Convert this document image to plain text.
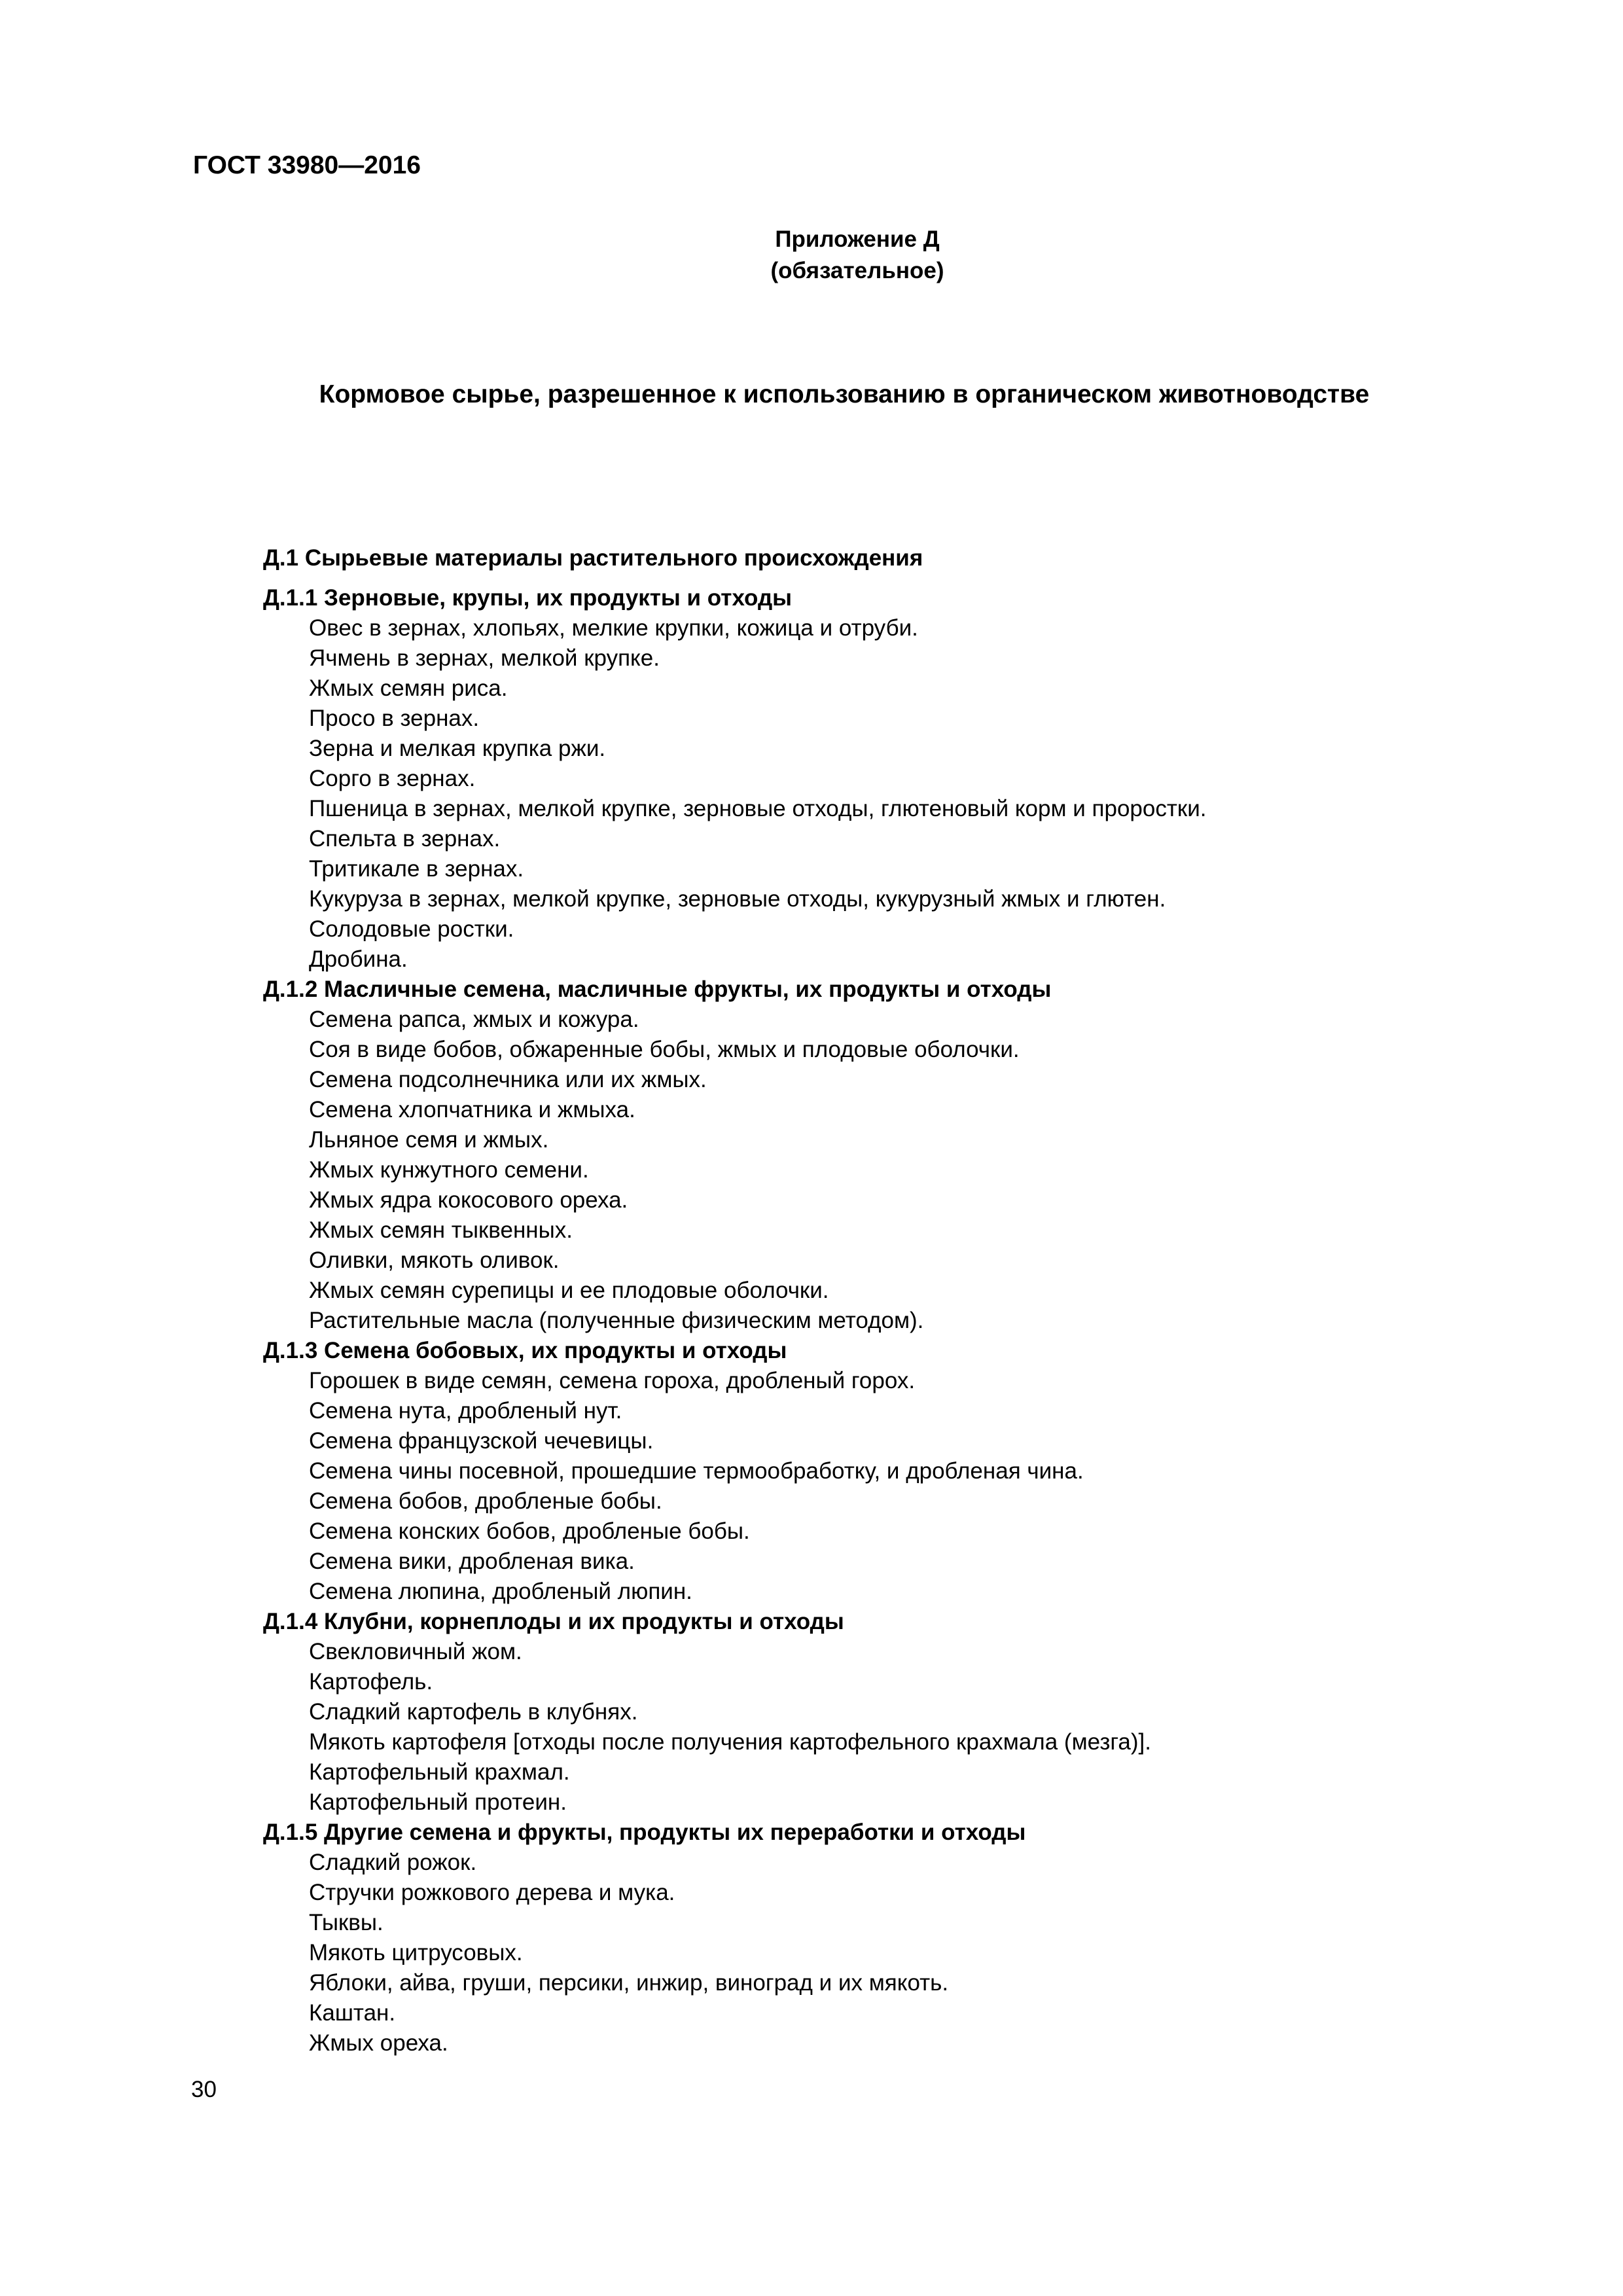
ГОСТ 33980—2016
Приложение Д
(обязательное)
Кормовое сырье, разрешенное к использованию в органическом животноводстве
Д.1 Сырьевые материалы растительного происхождения
Д.1.1 Зерновые, крупы, их продукты и отходы
Овес в зернах, хлопьях, мелкие крупки, кожица и отруби.
Ячмень в зернах, мелкой крупке.
Жмых семян риса.
Просо в зернах.
Зерна и мелкая крупка ржи.
Сорго в зернах.
Пшеница в зернах, мелкой крупке, зерновые отходы, глютеновый корм и проростки.
Спельта в зернах.
Тритикале в зернах.
Кукуруза в зернах, мелкой крупке, зерновые отходы, кукурузный жмых и глютен.
Солодовые ростки.
Дробина.
Д.1.2 Масличные семена, масличные фрукты, их продукты и отходы
Семена рапса, жмых и кожура.
Соя в виде бобов, обжаренные бобы, жмых и плодовые оболочки.
Семена подсолнечника или их жмых.
Семена хлопчатника и жмыха.
Льняное семя и жмых.
Жмых кунжутного семени.
Жмых ядра кокосового ореха.
Жмых семян тыквенных.
Оливки, мякоть оливок.
Жмых семян сурепицы и ее плодовые оболочки.
Растительные масла (полученные физическим методом).
Д.1.3 Семена бобовых, их продукты и отходы
Горошек в виде семян, семена гороха, дробленый горох.
Семена нута, дробленый нут.
Семена французской чечевицы.
Семена чины посевной, прошедшие термообработку, и дробленая чина.
Семена бобов, дробленые бобы.
Семена конских бобов, дробленые бобы.
Семена вики, дробленая вика.
Семена люпина, дробленый люпин.
Д.1.4 Клубни, корнеплоды и их продукты и отходы
Свекловичный жом.
Картофель.
Сладкий картофель в клубнях.
Мякоть картофеля [отходы после получения картофельного крахмала (мезга)].
Картофельный крахмал.
Картофельный протеин.
Д.1.5 Другие семена и фрукты, продукты их переработки и отходы
Сладкий рожок.
Стручки рожкового дерева и мука.
Тыквы.
Мякоть цитрусовых.
Яблоки, айва, груши, персики, инжир, виноград и их мякоть.
Каштан.
Жмых ореха.
30
